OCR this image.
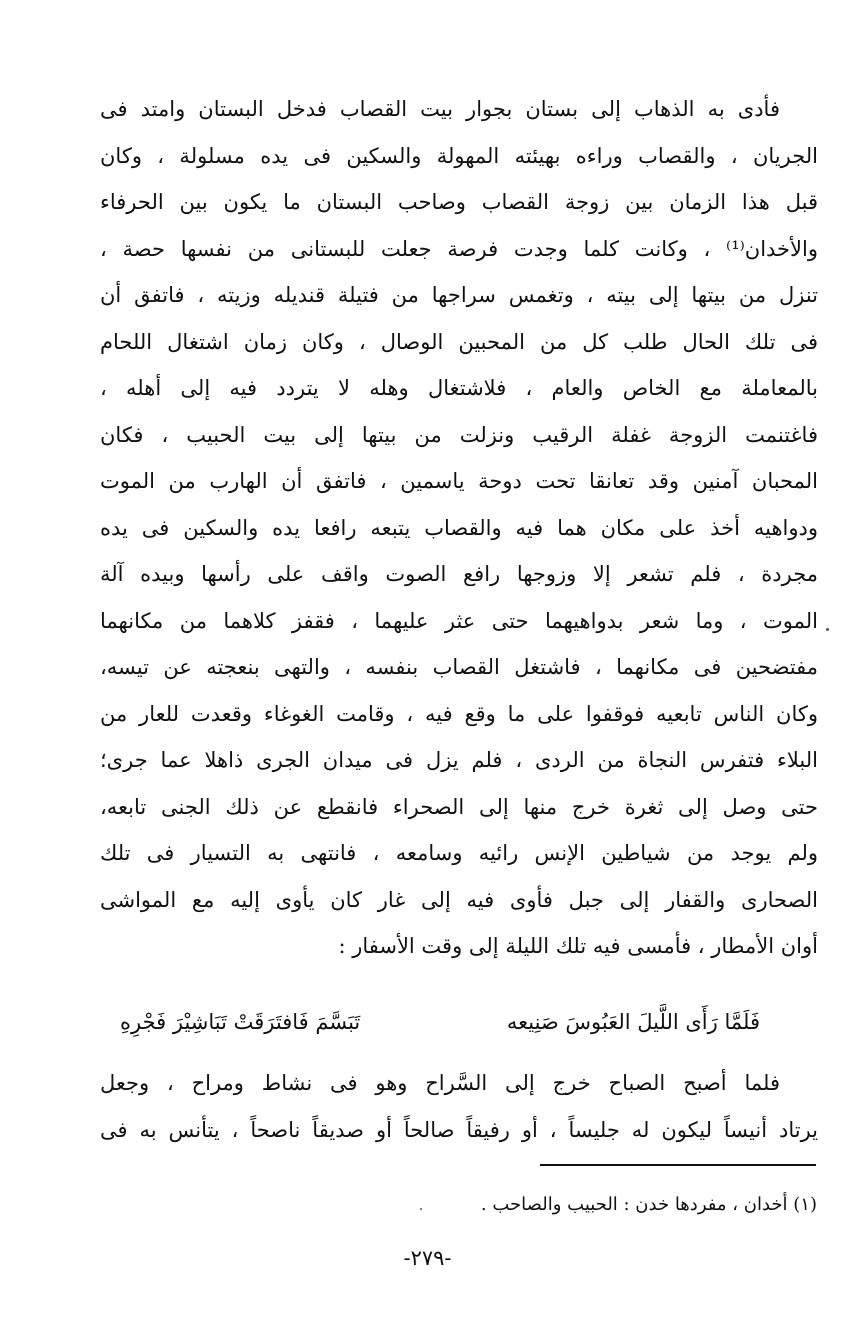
فأدى به الذهاب إلى بستان بجوار بيت القصاب فدخل البستان وامتد فى
الجريان ، والقصاب وراءه بهيئته المهولة والسكين فى يده مسلولة ، وكان
قبل هذا الزمان بين زوجة القصاب وصاحب البستان ما يكون بين الحرفاء
والأخدان⁽¹⁾ ، وكانت كلما وجدت فرصة جعلت للبستانى من نفسها حصة ،
تنزل من بيتها إلى بيته ، وتغمس سراجها من فتيلة قنديله وزيته ، فاتفق أن
فى تلك الحال طلب كل من المحبين الوصال ، وكان زمان اشتغال اللحام
بالمعاملة مع الخاص والعام ، فلاشتغال وهله لا يتردد فيه إلى أهله ،
فاغتنمت الزوجة غفلة الرقيب ونزلت من بيتها إلى بيت الحبيب ، فكان
المحبان آمنين وقد تعانقا تحت دوحة ياسمين ، فاتفق أن الهارب من الموت
ودواهيه أخذ على مكان هما فيه والقصاب يتبعه رافعا يده والسكين فى يده
مجردة ، فلم تشعر إلا وزوجها رافع الصوت واقف على رأسها وبيده آلة
الموت ، وما شعر بدواهيهما حتى عثر عليهما ، فقفز كلاهما من مكانهما
مفتضحين فى مكانهما ، فاشتغل القصاب بنفسه ، والتهى بنعجته عن تيسه،
وكان الناس تابعيه فوقفوا على ما وقع فيه ، وقامت الغوغاء وقعدت للعار من
البلاء فتفرس النجاة من الردى ، فلم يزل فى ميدان الجرى ذاهلا عما جرى؛
حتى وصل إلى ثغرة خرج منها إلى الصحراء فانقطع عن ذلك الجنى تابعه،
ولم يوجد من شياطين الإنس رائيه وسامعه ، فانتهى به التسيار فى تلك
الصحارى والقفار إلى جبل فأوى فيه إلى غار كان يأوى إليه مع المواشى
أوان الأمطار ، فأمسى فيه تلك الليلة إلى وقت الأسفار :
فَلَمَّا رَأَى اللَّيلَ العَبُوسَ صَنِيعه
تَبَسَّمَ فَافتَرَقَتْ تَبَاشِيْرَ فَجْرِهِ
فلما أصبح الصباح خرج إلى السَّراح وهو فى نشاط ومراح ، وجعل
يرتاد أنيساً ليكون له جليساً ، أو رفيقاً صالحاً أو صديقاً ناصحاً ، يتأنس به فى
(١) أخدان ، مفردها خدن : الحبيب والصاحب .
-٢٧٩-
